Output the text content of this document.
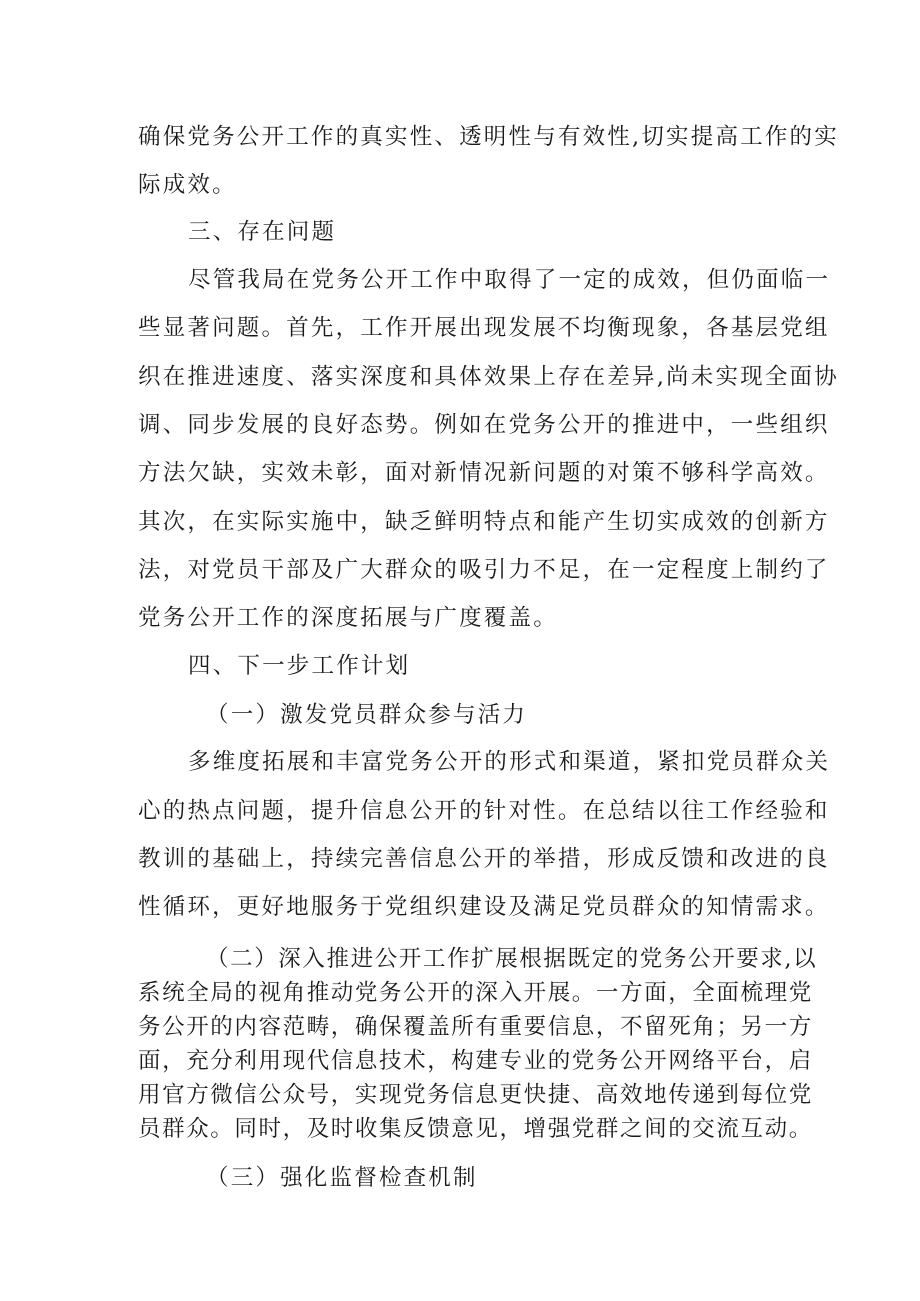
确保党务公开工作的真实性、透明性与有效性,切实提高工作的实
际成效。
三、存在问题
尽管我局在党务公开工作中取得了一定的成效，但仍面临一
些显著问题。首先，工作开展出现发展不均衡现象，各基层党组
织在推进速度、落实深度和具体效果上存在差异,尚未实现全面协
调、同步发展的良好态势。例如在党务公开的推进中，一些组织
方法欠缺，实效未彰，面对新情况新问题的对策不够科学高效。
其次，在实际实施中，缺乏鲜明特点和能产生切实成效的创新方
法，对党员干部及广大群众的吸引力不足，在一定程度上制约了
党务公开工作的深度拓展与广度覆盖。
四、下一步工作计划
（一）激发党员群众参与活力
多维度拓展和丰富党务公开的形式和渠道，紧扣党员群众关
心的热点问题，提升信息公开的针对性。在总结以往工作经验和
教训的基础上，持续完善信息公开的举措，形成反馈和改进的良
性循环，更好地服务于党组织建设及满足党员群众的知情需求。
（二）深入推进公开工作扩展根据既定的党务公开要求,以
系统全局的视角推动党务公开的深入开展。一方面，全面梳理党
务公开的内容范畴，确保覆盖所有重要信息，不留死角；另一方
面，充分利用现代信息技术，构建专业的党务公开网络平台，启
用官方微信公众号，实现党务信息更快捷、高效地传递到每位党
员群众。同时，及时收集反馈意见，增强党群之间的交流互动。
（三）强化监督检查机制
